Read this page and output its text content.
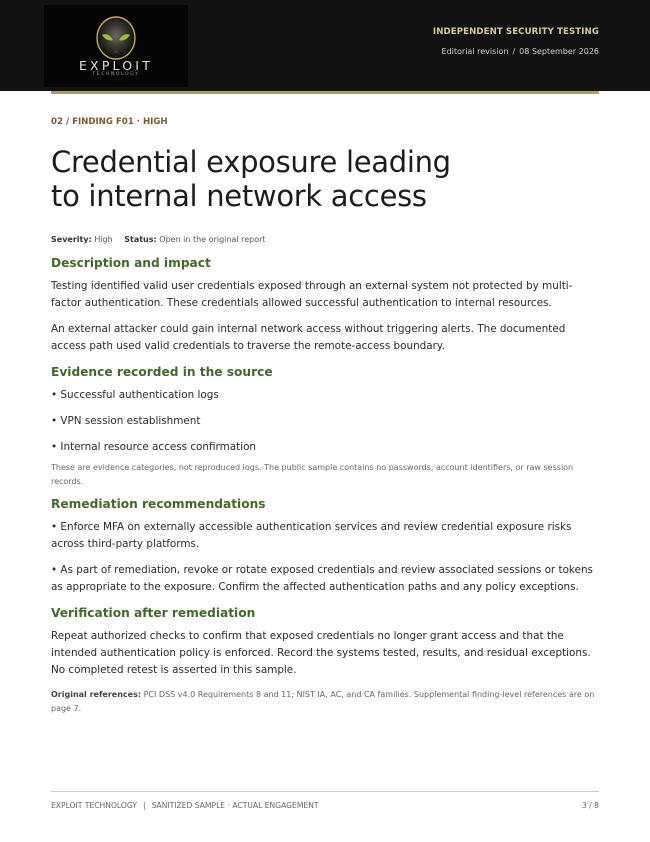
EXPLOIT
TECHNOLOGY
INDEPENDENT SECURITY TESTING
Editorial revision / 08 September 2026
02 / FINDING F01 · HIGH
Credential exposure leading
to internal network access
Severity: High Status: Open in the original report
Description and impact

Testing identified valid user credentials exposed through an external system not protected by multi-factor authentication. These credentials allowed successful authentication to internal resources.

An external attacker could gain internal network access without triggering alerts. The documented access path used valid credentials to traverse the remote-access boundary.

Evidence recorded in the source

• Successful authentication logs

• VPN session establishment

• Internal resource access confirmation

These are evidence categories, not reproduced logs. The public sample contains no passwords, account identifiers, or raw session records.

Remediation recommendations

• Enforce MFA on externally accessible authentication services and review credential exposure risks across third-party platforms.

• As part of remediation, revoke or rotate exposed credentials and review associated sessions or tokens as appropriate to the exposure. Confirm the affected authentication paths and any policy exceptions.

Verification after remediation

Repeat authorized checks to confirm that exposed credentials no longer grant access and that the intended authentication policy is enforced. Record the systems tested, results, and residual exceptions. No completed retest is asserted in this sample.

Original references: PCI DSS v4.0 Requirements 8 and 11; NIST IA, AC, and CA families. Supplemental finding-level references are on page 7.

EXPLOIT TECHNOLOGY | SANITIZED SAMPLE · ACTUAL ENGAGEMENT	3 / 8
